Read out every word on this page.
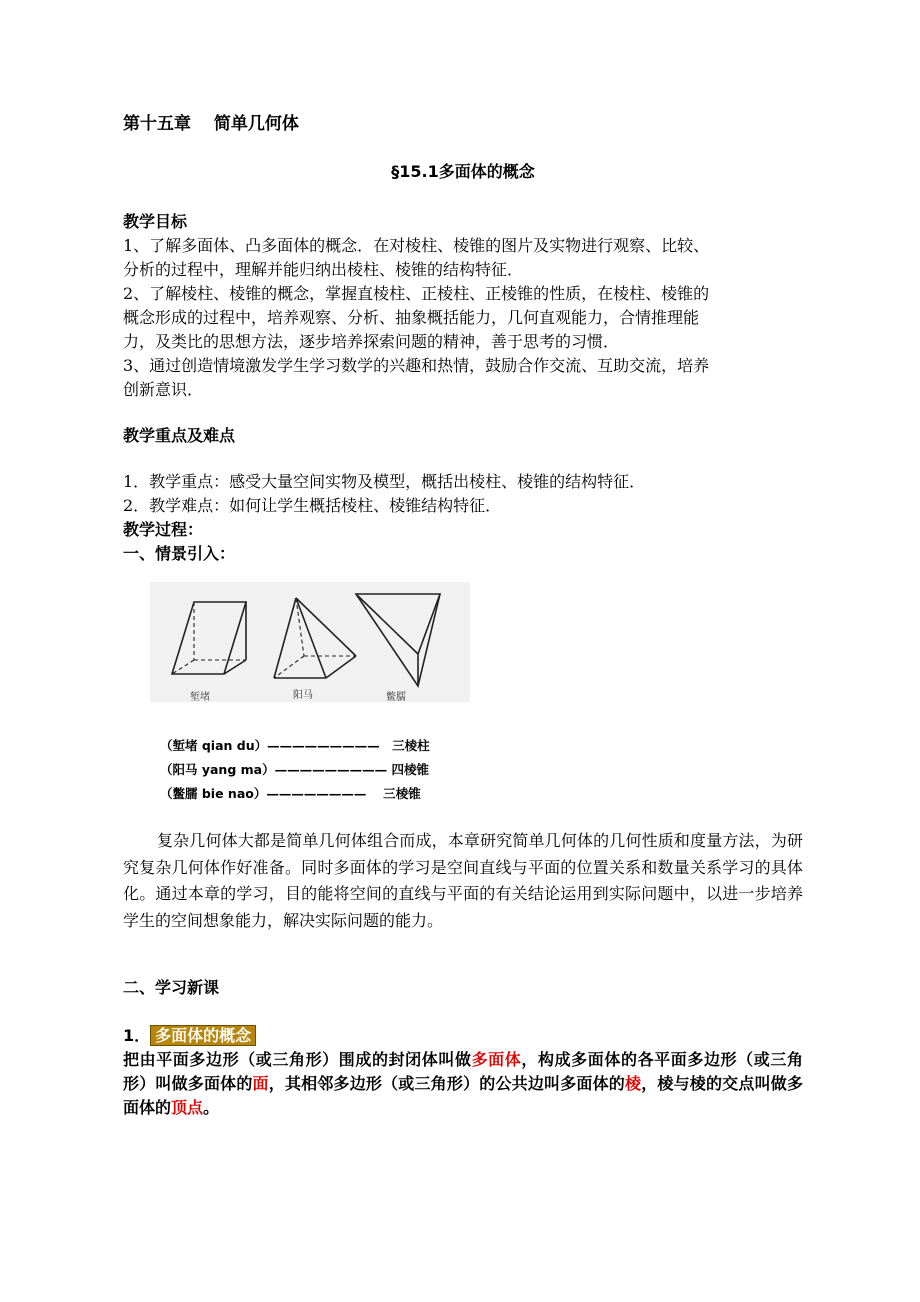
第十五章　 简单几何体
§15.1多面体的概念
教学目标
1、了解多面体、凸多面体的概念．在对棱柱、棱锥的图片及实物进行观察、比较、
分析的过程中，理解并能归纳出棱柱、棱锥的结构特征．
2、了解棱柱、棱锥的概念，掌握直棱柱、正棱柱、正棱锥的性质，在棱柱、棱锥的
概念形成的过程中，培养观察、分析、抽象概括能力，几何直观能力，合情推理能
力，及类比的思想方法，逐步培养探索问题的精神，善于思考的习惯．
3、通过创造情境激发学生学习数学的兴趣和热情，鼓励合作交流、互助交流，培养
创新意识．
教学重点及难点
1．教学重点：感受大量空间实物及模型，概括出棱柱、棱锥的结构特征．
2．教学难点：如何让学生概括棱柱、棱锥结构特征．
教学过程：
一、情景引入：
堑堵	阳马	鳖臑
（堑堵 qian du）—————————　三棱柱
（阳马 yang ma）————————— 四棱锥
（鳖臑 bie nao）————————　 三棱锥
复杂几何体大都是简单几何体组合而成，本章研究简单几何体的几何性质和度量方法，为研究复杂几何体作好准备。同时多面体的学习是空间直线与平面的位置关系和数量关系学习的具体化。通过本章的学习，目的能将空间的直线与平面的有关结论运用到实际问题中，以进一步培养学生的空间想象能力，解决实际问题的能力。
二、学习新课
1． 多面体的概念
把由平面多边形（或三角形）围成的封闭体叫做多面体，构成多面体的各平面多边形（或三角形）叫做多面体的面，其相邻多边形（或三角形）的公共边叫多面体的棱，棱与棱的交点叫做多面体的顶点。
